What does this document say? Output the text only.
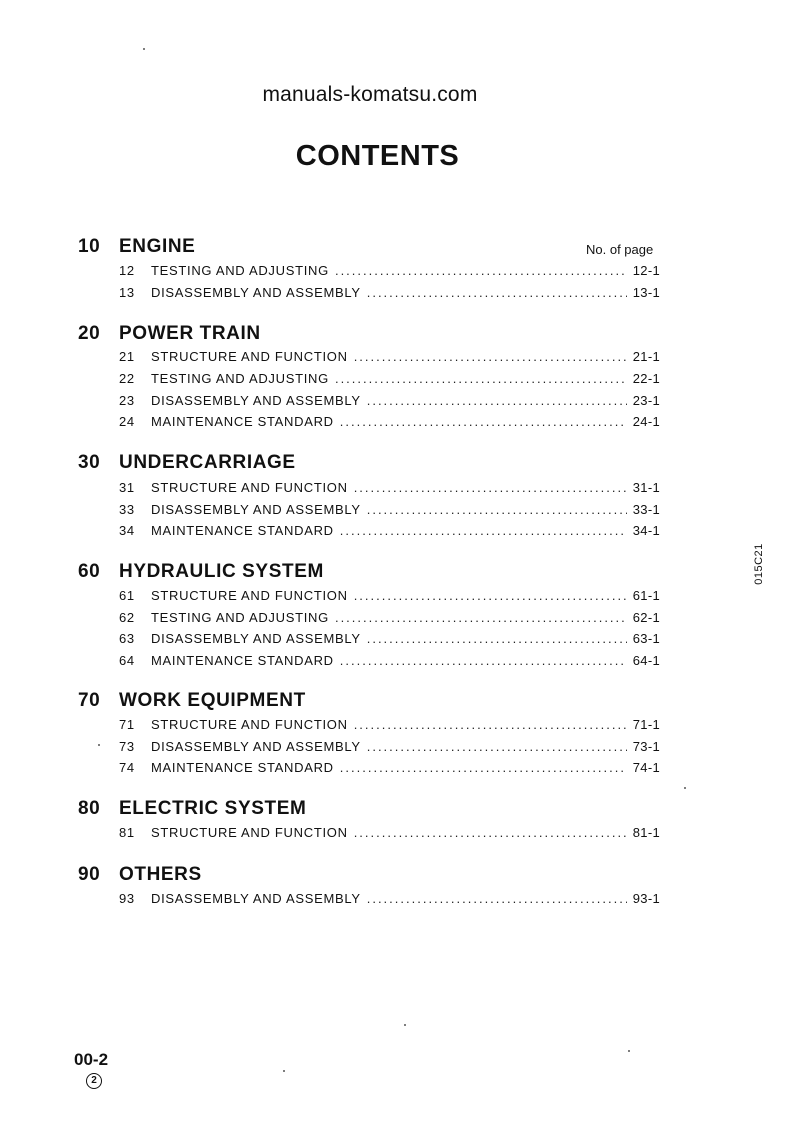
manuals-komatsu.com
CONTENTS
No. of page
10 ENGINE
12	TESTING AND ADJUSTING .....	12-1
13	DISASSEMBLY AND ASSEMBLY .....	13-1
20 POWER TRAIN
21	STRUCTURE AND FUNCTION .....	21-1
22	TESTING AND ADJUSTING .....	22-1
23	DISASSEMBLY AND ASSEMBLY .....	23-1
24	MAINTENANCE STANDARD .....	24-1
30 UNDERCARRIAGE
31	STRUCTURE AND FUNCTION .....	31-1
33	DISASSEMBLY AND ASSEMBLY .....	33-1
34	MAINTENANCE STANDARD .....	34-1
60 HYDRAULIC SYSTEM
61	STRUCTURE AND FUNCTION .....	61-1
62	TESTING AND ADJUSTING .....	62-1
63	DISASSEMBLY AND ASSEMBLY .....	63-1
64	MAINTENANCE STANDARD .....	64-1
70 WORK EQUIPMENT
71	STRUCTURE AND FUNCTION .....	71-1
73	DISASSEMBLY AND ASSEMBLY .....	73-1
74	MAINTENANCE STANDARD .....	74-1
80 ELECTRIC SYSTEM
81	STRUCTURE AND FUNCTION .....	81-1
90 OTHERS
93	DISASSEMBLY AND ASSEMBLY .....	93-1
015C21
00-2
2
